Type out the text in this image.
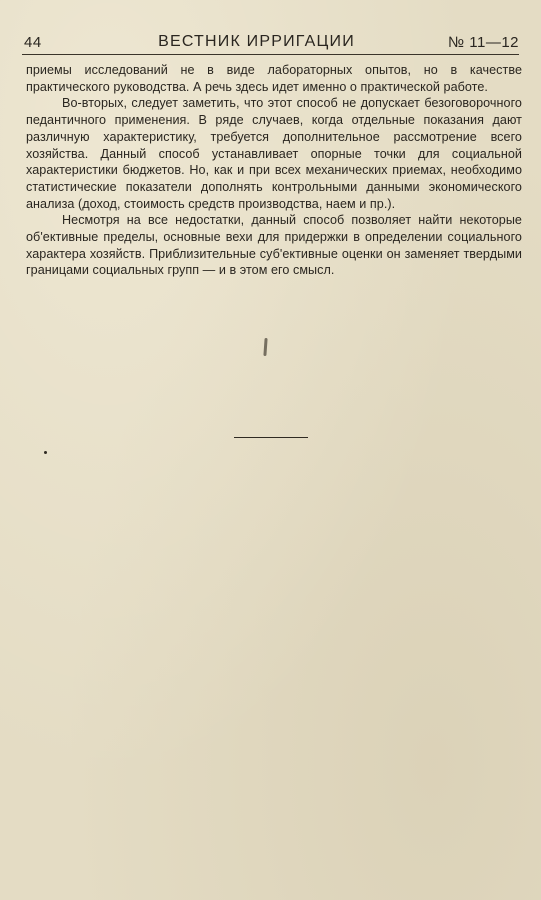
44	ВЕСТНИК ИРРИГАЦИИ	№ 11—12

приемы исследований не в виде лабораторных опытов, но в качестве практического руководства. А речь здесь идет именно о практической работе.

Во-вторых, следует заметить, что этот способ не допускает безоговорочного педантичного применения. В ряде случаев, когда отдельные показания дают различную характеристику, требуется дополнительное рассмотрение всего хозяйства. Данный способ устанавливает опорные точки для социальной характеристики бюджетов. Но, как и при всех механических приемах, необходимо статистические показатели дополнять контрольными данными экономического анализа (доход, стоимость средств производства, наем и пр.).

Несмотря на все недостатки, данный способ позволяет найти некоторые об'ективные пределы, основные вехи для придержки в определении социального характера хозяйств. Приблизительные суб'ективные оценки он заменяет твердыми границами социальных групп — и в этом его смысл.
